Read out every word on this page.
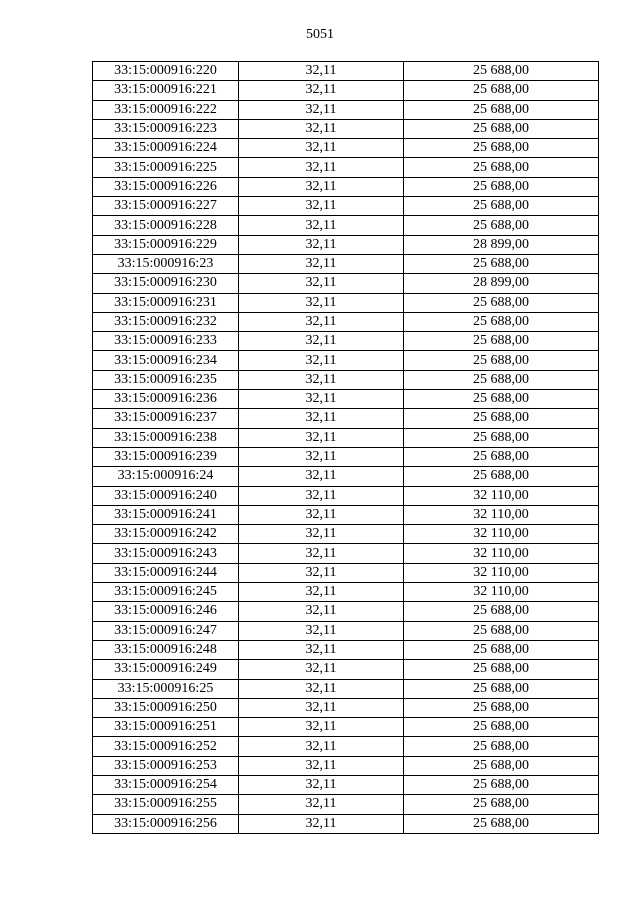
5051
33:15:000916:220	32,11	25 688,00
33:15:000916:221	32,11	25 688,00
33:15:000916:222	32,11	25 688,00
33:15:000916:223	32,11	25 688,00
33:15:000916:224	32,11	25 688,00
33:15:000916:225	32,11	25 688,00
33:15:000916:226	32,11	25 688,00
33:15:000916:227	32,11	25 688,00
33:15:000916:228	32,11	25 688,00
33:15:000916:229	32,11	28 899,00
33:15:000916:23	32,11	25 688,00
33:15:000916:230	32,11	28 899,00
33:15:000916:231	32,11	25 688,00
33:15:000916:232	32,11	25 688,00
33:15:000916:233	32,11	25 688,00
33:15:000916:234	32,11	25 688,00
33:15:000916:235	32,11	25 688,00
33:15:000916:236	32,11	25 688,00
33:15:000916:237	32,11	25 688,00
33:15:000916:238	32,11	25 688,00
33:15:000916:239	32,11	25 688,00
33:15:000916:24	32,11	25 688,00
33:15:000916:240	32,11	32 110,00
33:15:000916:241	32,11	32 110,00
33:15:000916:242	32,11	32 110,00
33:15:000916:243	32,11	32 110,00
33:15:000916:244	32,11	32 110,00
33:15:000916:245	32,11	32 110,00
33:15:000916:246	32,11	25 688,00
33:15:000916:247	32,11	25 688,00
33:15:000916:248	32,11	25 688,00
33:15:000916:249	32,11	25 688,00
33:15:000916:25	32,11	25 688,00
33:15:000916:250	32,11	25 688,00
33:15:000916:251	32,11	25 688,00
33:15:000916:252	32,11	25 688,00
33:15:000916:253	32,11	25 688,00
33:15:000916:254	32,11	25 688,00
33:15:000916:255	32,11	25 688,00
33:15:000916:256	32,11	25 688,00
